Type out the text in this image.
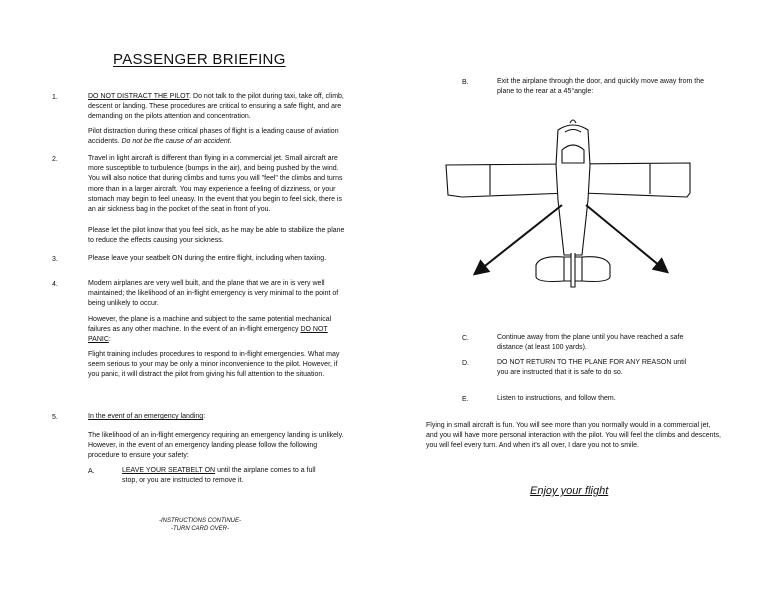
PASSENGER BRIEFING
1.	DO NOT DISTRACT THE PILOT. Do not talk to the pilot during taxi, take off, climb, descent or landing. These procedures are critical to ensuring a safe flight, and are demanding on the pilots attention and concentration.
Pilot distraction during these critical phases of flight is a leading cause of aviation accidents. Do not be the cause of an accident.
2.	Travel in light aircraft is different than flying in a commercial jet. Small aircraft are more susceptible to turbulence (bumps in the air), and being pushed by the wind. You will also notice that during climbs and turns you will "feel" the climbs and turns more than in a larger aircraft. You may experience a feeling of dizziness, or your stomach may begin to feel uneasy. In the event that you begin to feel sick, there is an air sickness bag in the pocket of the seat in front of you.
Please let the pilot know that you feel sick, as he may be able to stabilize the plane to reduce the effects causing your sickness.
3.	Please leave your seatbelt ON during the entire flight, including when taxiing.
4.	Modern airplanes are very well built, and the plane that we are in is very well maintained; the likelihood of an in-flight emergency is very minimal to the point of being unlikely to occur.
However, the plane is a machine and subject to the same potential mechanical failures as any other machine. In the event of an in-flight emergency DO NOT PANIC:
Flight training includes procedures to respond to in-flight emergencies. What may seem serious to your may be only a minor inconvenience to the pilot. However, if you panic, it will distract the pilot from giving his full attention to the situation.
5.	In the event of an emergency landing:
The likelihood of an in-flight emergency requiring an emergency landing is unlikely. However, in the event of an emergency landing please follow the following procedure to ensure your safety:
A.	LEAVE YOUR SEATBELT ON until the airplane comes to a full stop, or you are instructed to remove it.
-INSTRUCTIONS CONTINUE-
-TURN CARD OVER-
B.	Exit the airplane through the door, and quickly move away from the plane to the rear at a 45°angle:
C.	Continue away from the plane until you have reached a safe distance (at least 100 yards).
D.	DO NOT RETURN TO THE PLANE FOR ANY REASON until you are instructed that it is safe to do so.
E.	Listen to instructions, and follow them.
Flying in small aircraft is fun. You will see more than you normally would in a commercial jet, and you will have more personal interaction with the pilot. You will feel the climbs and descents, you will feel every turn. And when it's all over, I dare you not to smile.
Enjoy your flight
